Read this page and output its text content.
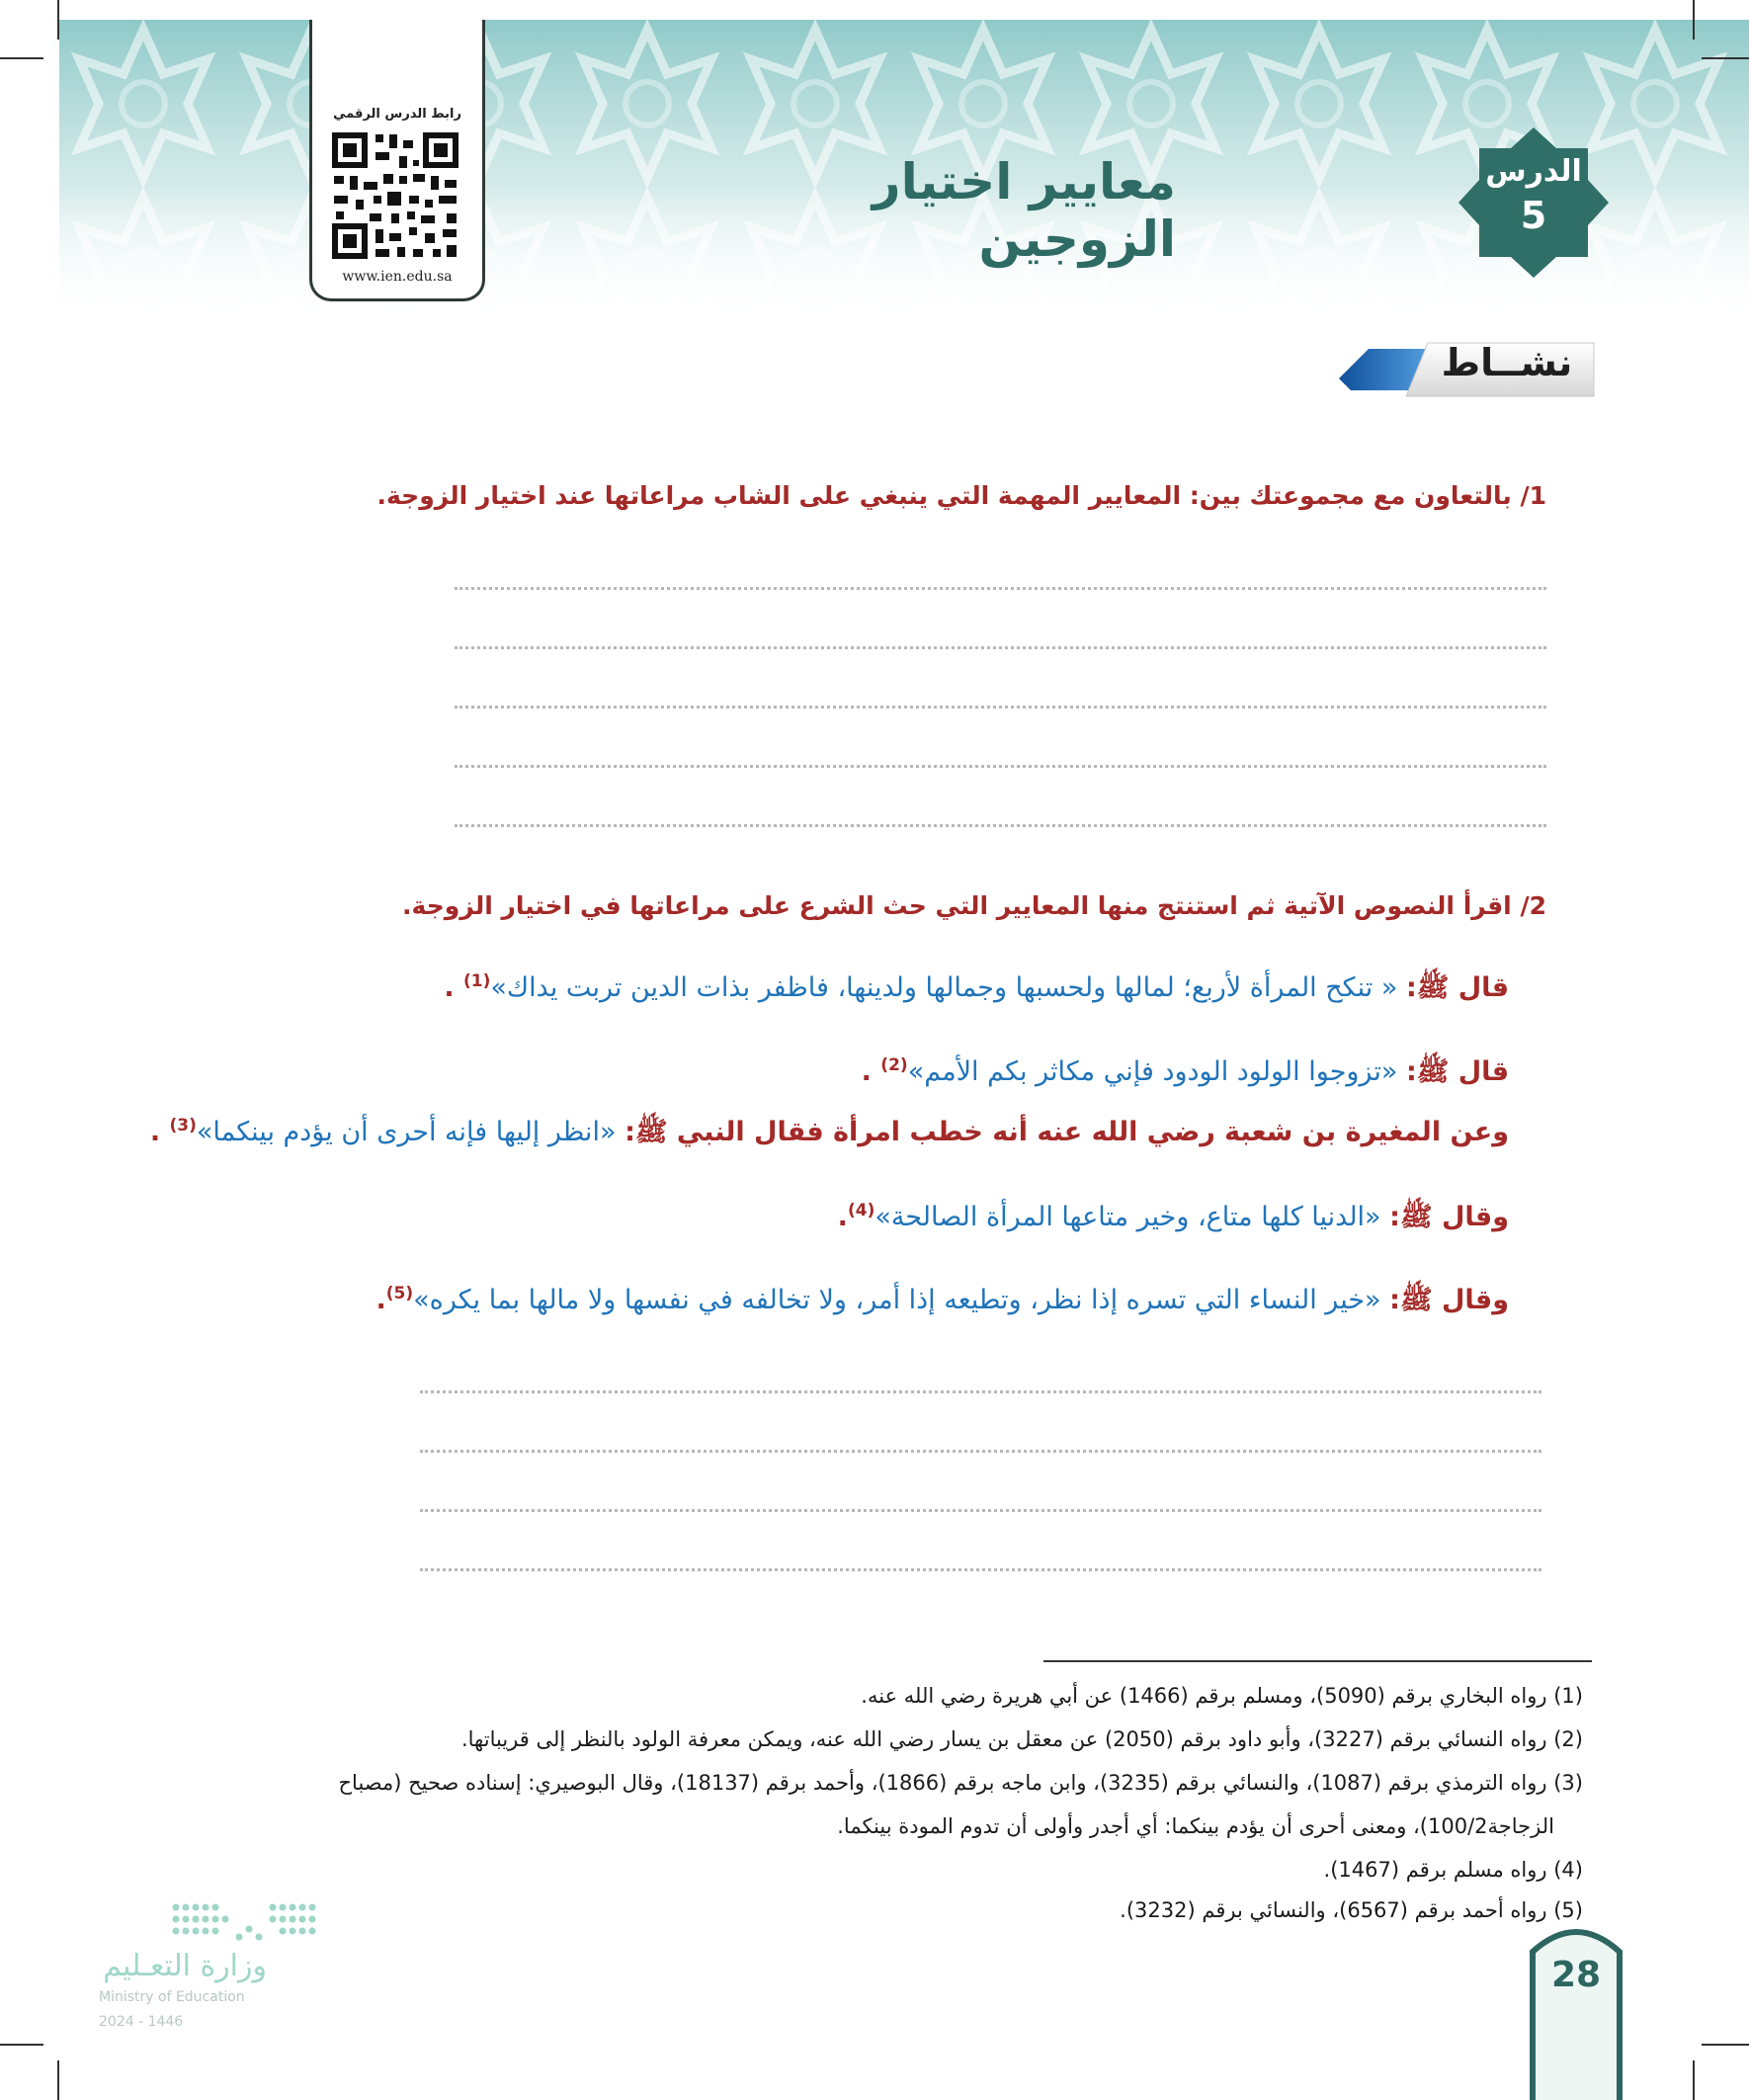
رابط الدرس الرقمي
www.ien.edu.sa
معايير اختيار الزوجين
الدرس
5
نشــاط
1/ بالتعاون مع مجموعتك بين: المعايير المهمة التي ينبغي على الشاب مراعاتها عند اختيار الزوجة.
2/ اقرأ النصوص الآتية ثم استنتج منها المعايير التي حث الشرع على مراعاتها في اختيار الزوجة.
قال ﷺ: « تنكح المرأة لأربع؛ لمالها ولحسبها وجمالها ولدينها، فاظفر بذات الدين تربت يداك»$^{(1)}$ .
قال ﷺ: «تزوجوا الولود الودود فإني مكاثر بكم الأمم»$^{(2)}$ .
وعن المغيرة بن شعبة رضي الله عنه أنه خطب امرأة فقال النبي ﷺ: «انظر إليها فإنه أحرى أن يؤدم بينكما»$^{(3)}$ .
وقال ﷺ: «الدنيا كلها متاع، وخير متاعها المرأة الصالحة»$^{(4)}$.
وقال ﷺ: «خير النساء التي تسره إذا نظر، وتطيعه إذا أمر، ولا تخالفه في نفسها ولا مالها بما يكره»$^{(5)}$.
(1) رواه البخاري برقم (5090)، ومسلم برقم (1466) عن أبي هريرة رضي الله عنه.
(2) رواه النسائي برقم (3227)، وأبو داود برقم (2050) عن معقل بن يسار رضي الله عنه، ويمكن معرفة الولود بالنظر إلى قريباتها.
(3) رواه الترمذي برقم (1087)، والنسائي برقم (3235)، وابن ماجه برقم (1866)، وأحمد برقم (18137)، وقال البوصيري: إسناده صحيح (مصباح
الزجاجة100/2)، ومعنى أحرى أن يؤدم بينكما: أي أجدر وأولى أن تدوم المودة بينكما.
(4) رواه مسلم برقم (1467).
(5) رواه أحمد برقم (6567)، والنسائي برقم (3232).
وزارة التعـليم
Ministry of Education
2024 - 1446
28
